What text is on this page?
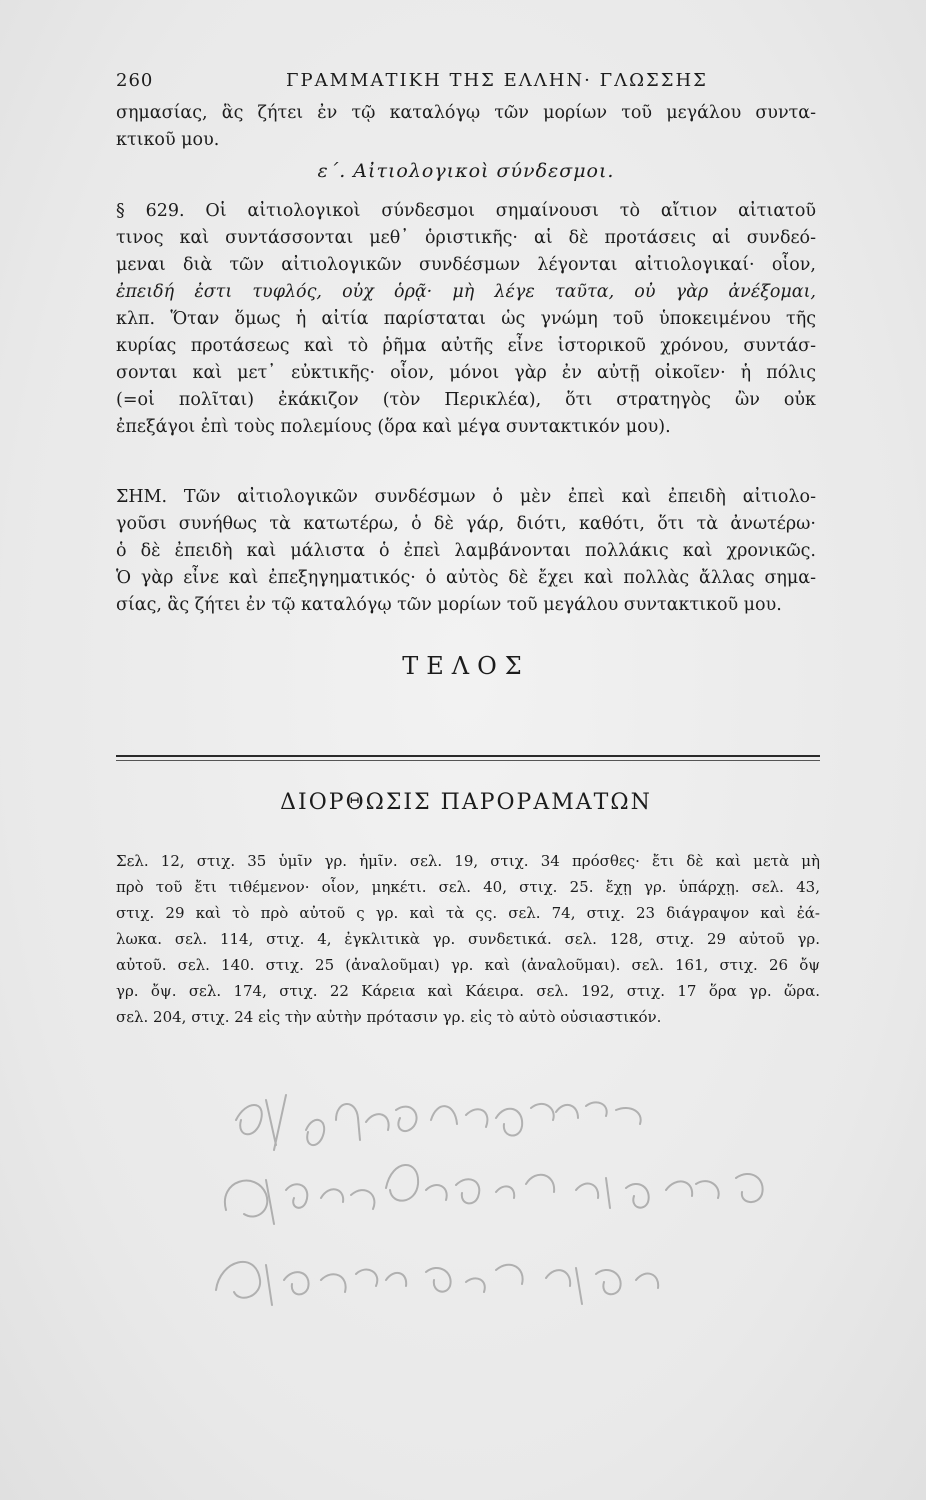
260	ΓΡΑΜΜΑΤΙΚΗ ΤΗΣ ΕΛΛΗΝ· ΓΛΩΣΣΗΣ
σημασίας, ἃς ζήτει ἐν τῷ καταλόγῳ τῶν μορίων τοῦ μεγάλου συντα-
κτικοῦ μου.
ε΄. Αἰτιολογικοὶ σύνδεσμοι.
§ 629. Οἱ αἰτιολογικοὶ σύνδεσμοι σημαίνουσι τὸ αἴτιον αἰτιατοῦ
τινος καὶ συντάσσονται μεθ᾽ ὁριστικῆς· αἱ δὲ προτάσεις αἱ συνδεό-
μεναι διὰ τῶν αἰτιολογικῶν συνδέσμων λέγονται αἰτιολογικαί· οἷον,
ἐπειδή ἐστι τυφλός, οὐχ ὁρᾷ· μὴ λέγε ταῦτα, οὐ γὰρ ἀνέξομαι,
κλπ. Ὅταν ὅμως ἡ αἰτία παρίσταται ὡς γνώμη τοῦ ὑποκειμένου τῆς
κυρίας προτάσεως καὶ τὸ ῥῆμα αὐτῆς εἶνε ἱστορικοῦ χρόνου, συντάσ-
σονται καὶ μετ᾽ εὐκτικῆς· οἷον, μόνοι γὰρ ἐν αὐτῇ οἰκοῖεν· ἡ πόλις
(=οἱ πολῖται) ἐκάκιζον (τὸν Περικλέα), ὅτι στρατηγὸς ὢν οὐκ
ἐπεξάγοι ἐπὶ τοὺς πολεμίους (ὅρα καὶ μέγα συντακτικόν μου).
ΣΗΜ. Τῶν αἰτιολογικῶν συνδέσμων ὁ μὲν ἐπεὶ καὶ ἐπειδὴ αἰτιολο-
γοῦσι συνήθως τὰ κατωτέρω, ὁ δὲ γάρ, διότι, καθότι, ὅτι τὰ ἀνωτέρω·
ὁ δὲ ἐπειδὴ καὶ μάλιστα ὁ ἐπεὶ λαμβάνονται πολλάκις καὶ χρονικῶς.
Ὁ γὰρ εἶνε καὶ ἐπεξηγηματικός· ὁ αὐτὸς δὲ ἔχει καὶ πολλὰς ἄλλας σημα-
σίας, ἃς ζήτει ἐν τῷ καταλόγῳ τῶν μορίων τοῦ μεγάλου συντακτικοῦ μου.
ΤΕΛΟΣ
ΔΙΟΡΘΩΣΙΣ ΠΑΡΟΡΑΜΑΤΩΝ
Σελ. 12, στιχ. 35 ὑμῖν γρ. ἡμῖν. σελ. 19, στιχ. 34 πρόσθες· ἔτι δὲ καὶ μετὰ μὴ
πρὸ τοῦ ἔτι τιθέμενον· οἷον, μηκέτι. σελ. 40, στιχ. 25. ἔχῃ γρ. ὑπάρχῃ. σελ. 43,
στιχ. 29 καὶ τὸ πρὸ αὐτοῦ ς γρ. καὶ τὰ ςς. σελ. 74, στιχ. 23 διάγραψον καὶ ἐά-
λωκα. σελ. 114, στιχ. 4, ἐγκλιτικὰ γρ. συνδετικά. σελ. 128, στιχ. 29 αὐτοῦ γρ.
αὐτοῦ. σελ. 140. στιχ. 25 (ἀναλοῦμαι) γρ. καὶ (ἀναλοῦμαι). σελ. 161, στιχ. 26 ὄψ
γρ. ὄψ. σελ. 174, στιχ. 22 Κάρεια καὶ Κάειρα. σελ. 192, στιχ. 17 ὅρα γρ. ὥρα.
σελ. 204, στιχ. 24 εἰς τὴν αὐτὴν πρότασιν γρ. εἰς τὸ αὐτὸ οὐσιαστικόν.
